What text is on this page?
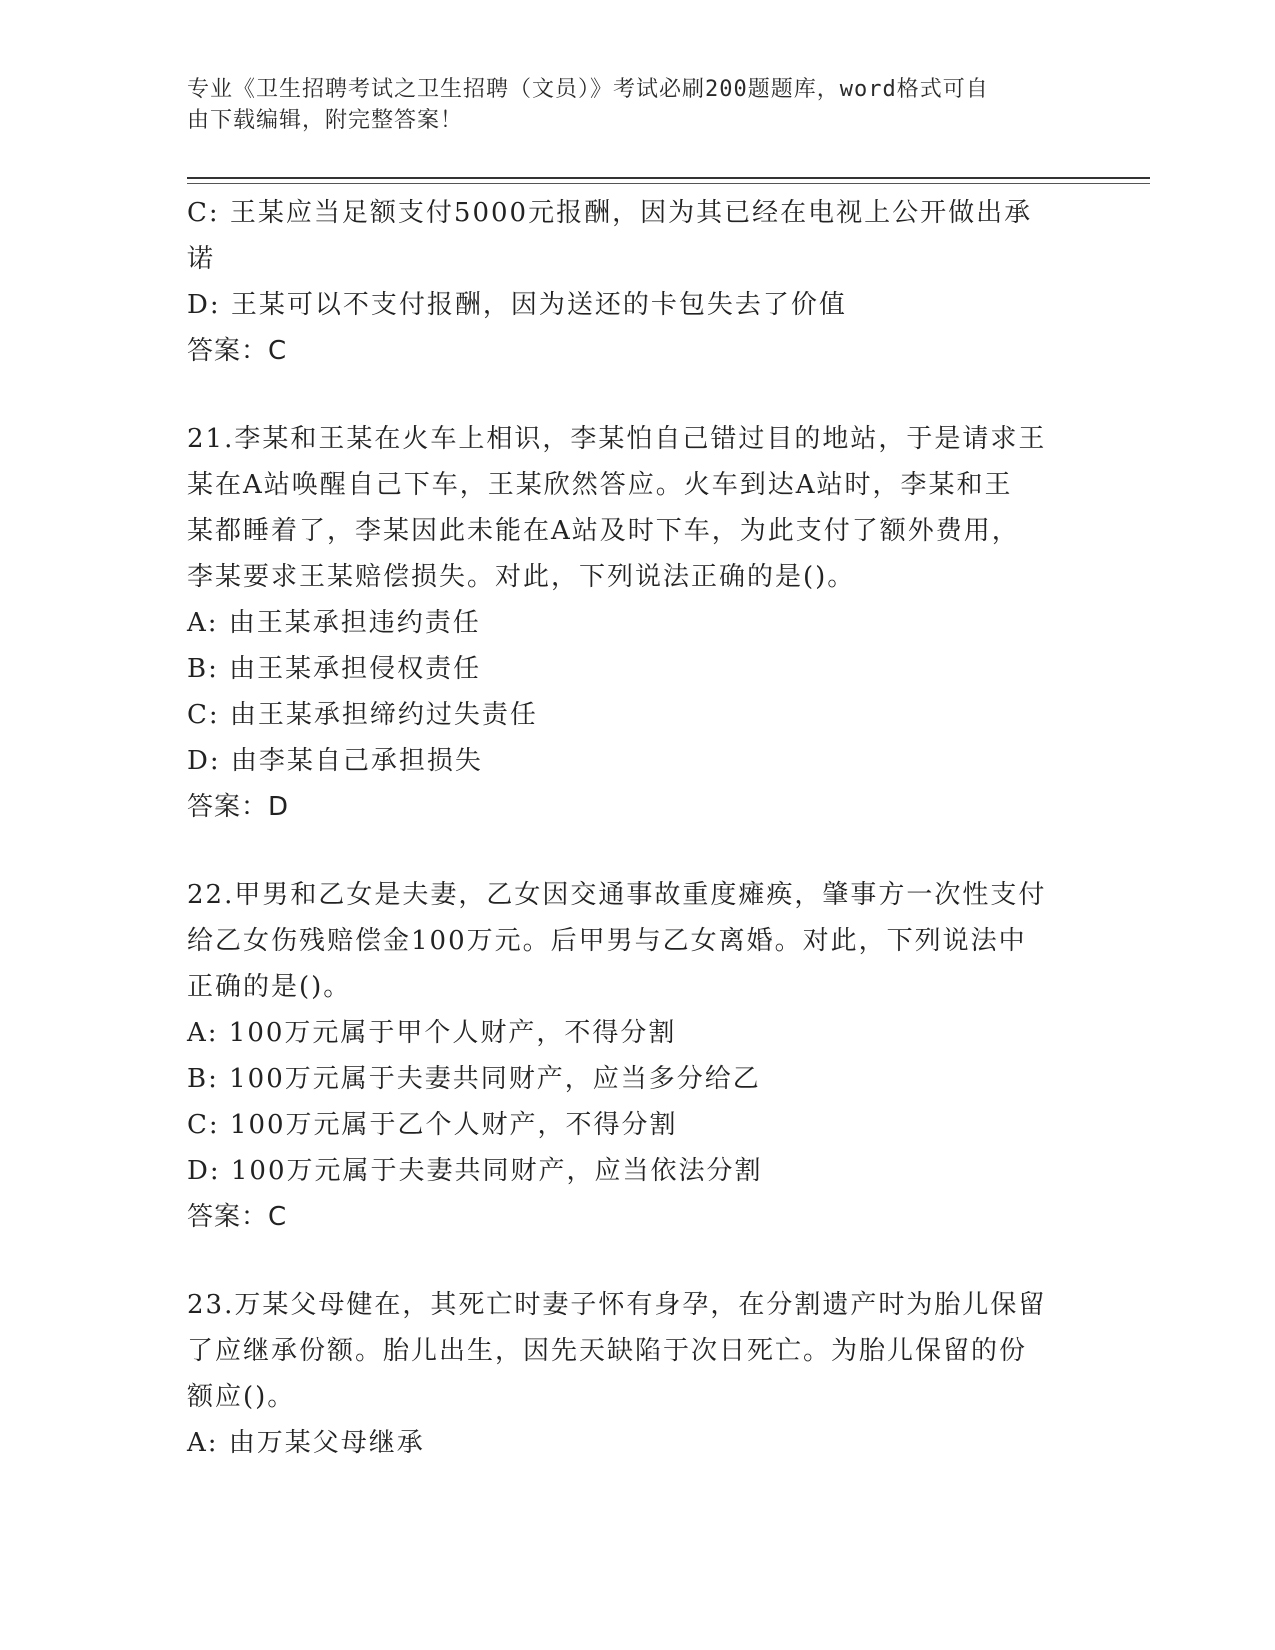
专业《卫生招聘考试之卫生招聘（文员）》考试必刷200题题库，word格式可自
由下载编辑，附完整答案！
C: 王某应当足额支付5000元报酬，因为其已经在电视上公开做出承
诺
D: 王某可以不支付报酬，因为送还的卡包失去了价值
答案：C
21.李某和王某在火车上相识，李某怕自己错过目的地站，于是请求王
某在A站唤醒自己下车，王某欣然答应。火车到达A站时，李某和王
某都睡着了，李某因此未能在A站及时下车，为此支付了额外费用，
李某要求王某赔偿损失。对此，下列说法正确的是()。
A: 由王某承担违约责任
B: 由王某承担侵权责任
C: 由王某承担缔约过失责任
D: 由李某自己承担损失
答案：D
22.甲男和乙女是夫妻，乙女因交通事故重度瘫痪，肇事方一次性支付
给乙女伤残赔偿金100万元。后甲男与乙女离婚。对此，下列说法中
正确的是()。
A: 100万元属于甲个人财产，不得分割
B: 100万元属于夫妻共同财产，应当多分给乙
C: 100万元属于乙个人财产，不得分割
D: 100万元属于夫妻共同财产，应当依法分割
答案：C
23.万某父母健在，其死亡时妻子怀有身孕，在分割遗产时为胎儿保留
了应继承份额。胎儿出生，因先天缺陷于次日死亡。为胎儿保留的份
额应()。
A: 由万某父母继承
